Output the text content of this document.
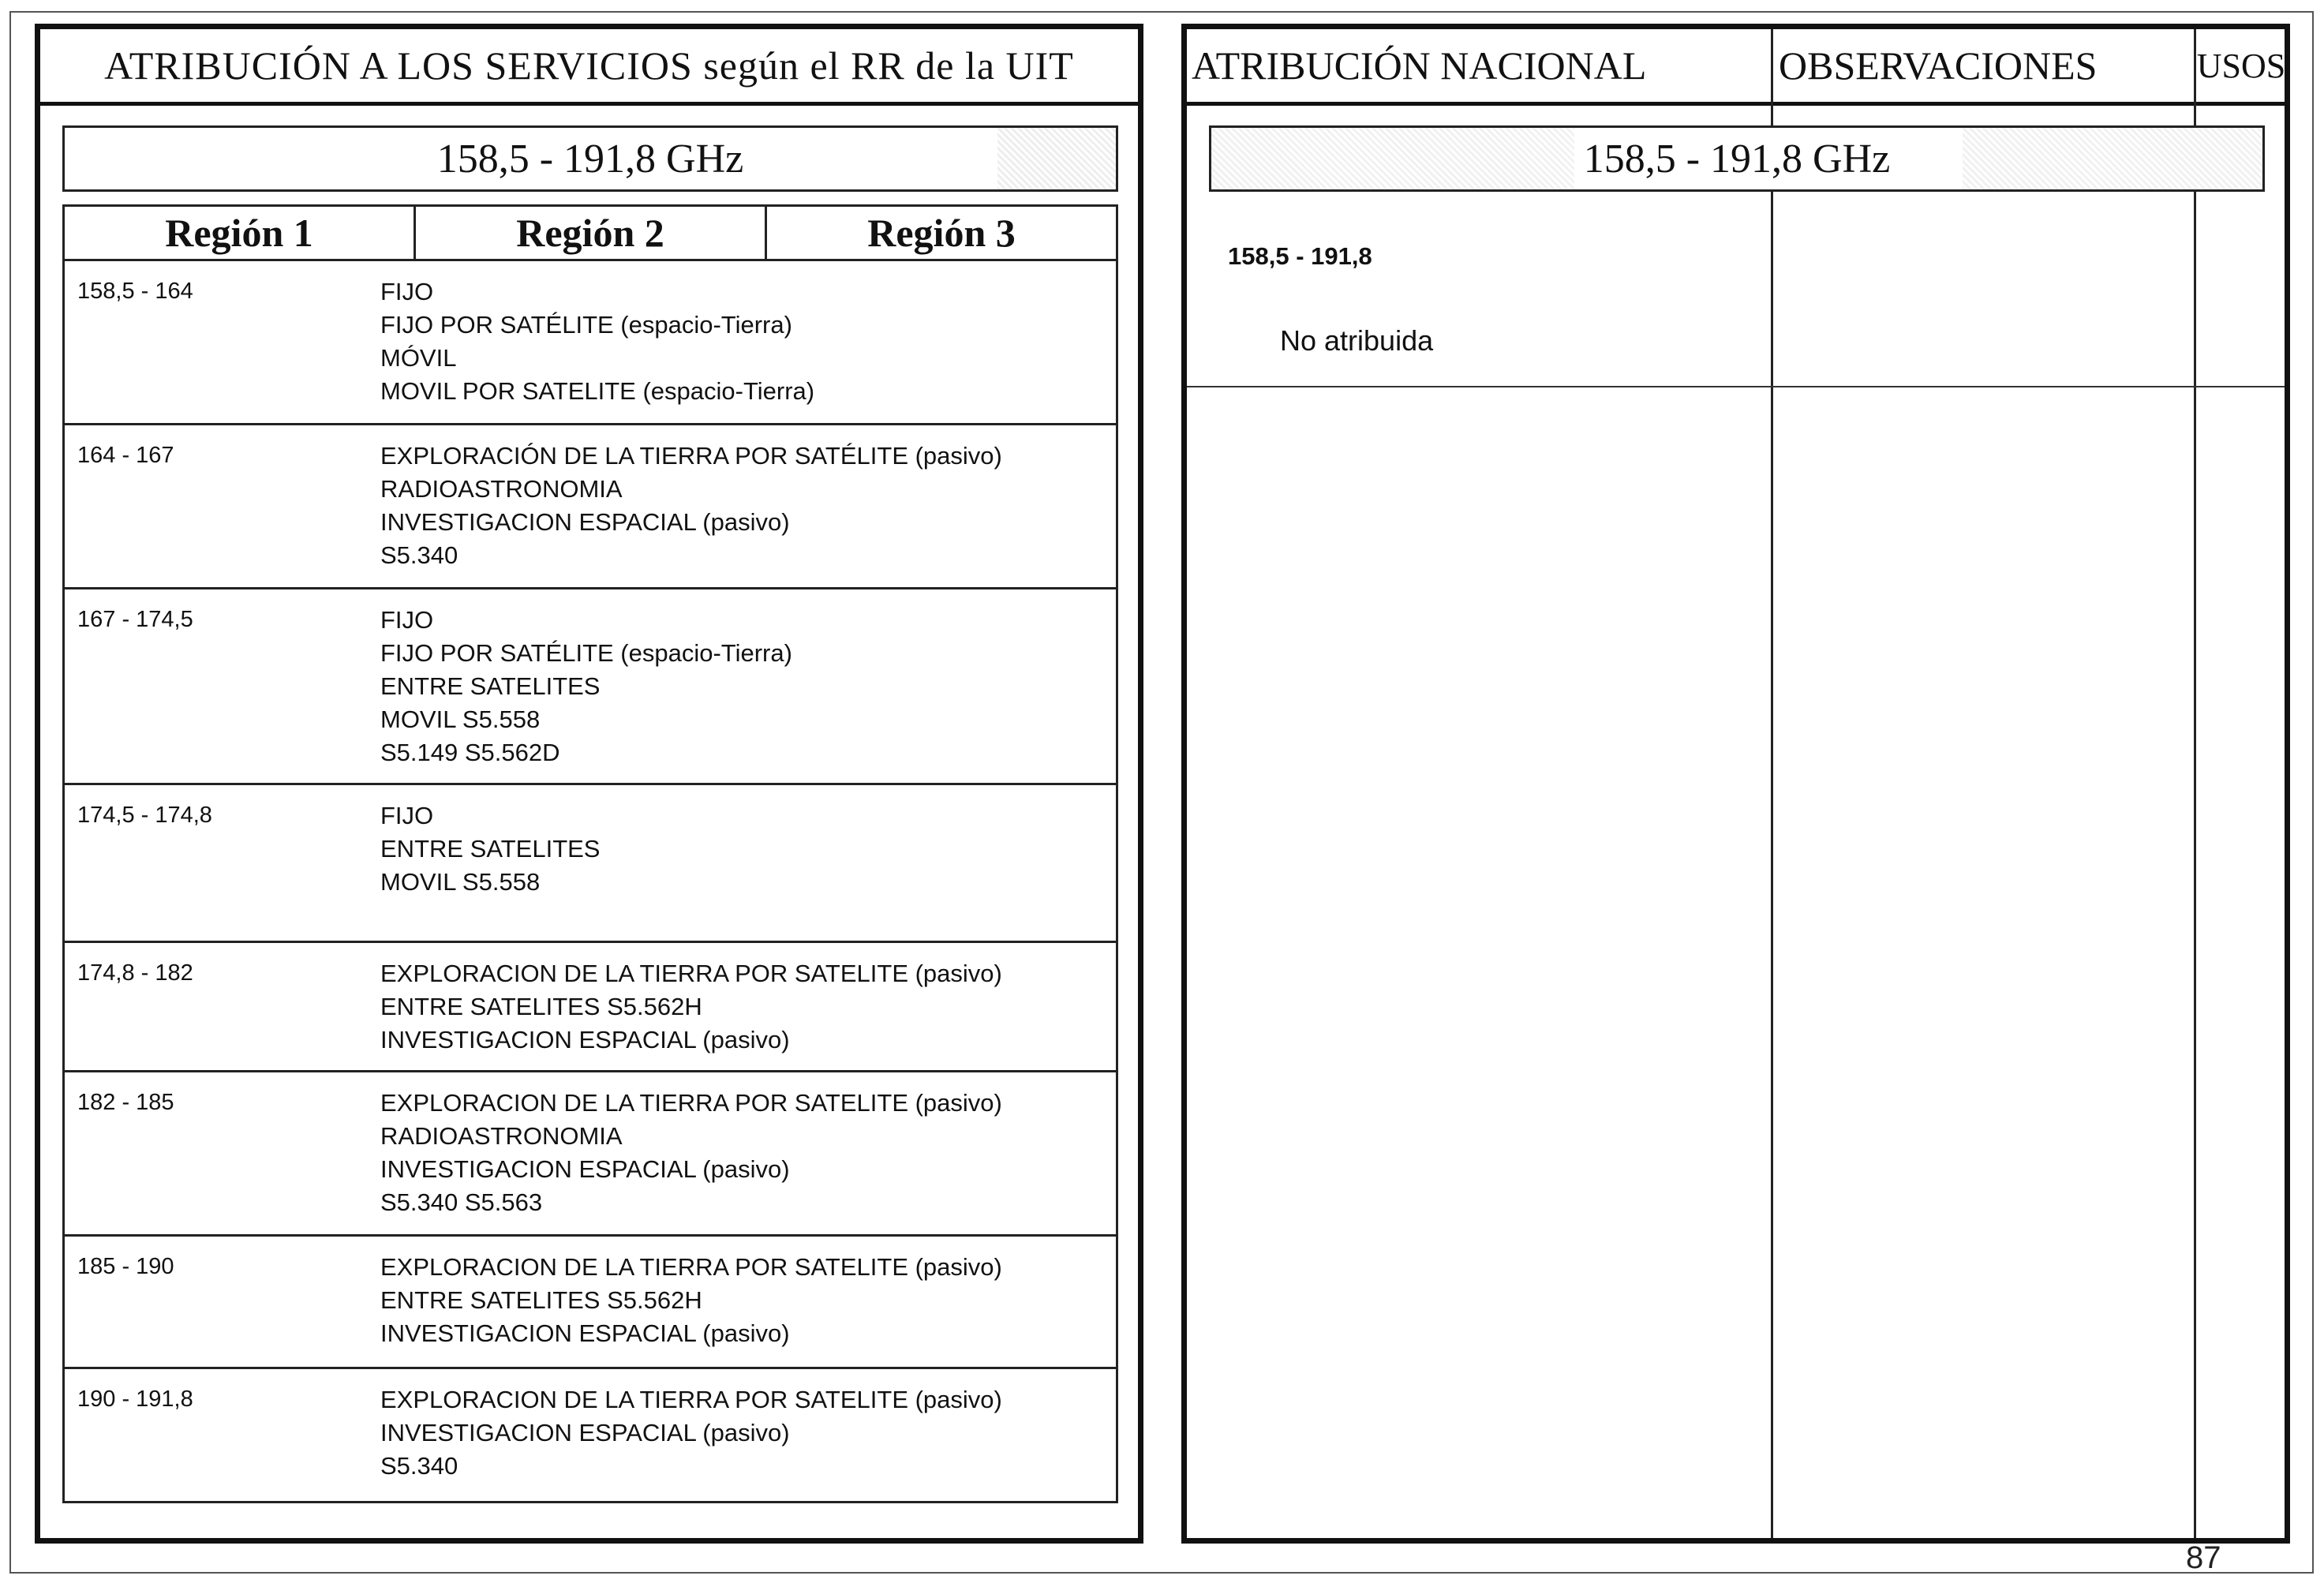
ATRIBUCIÓN A LOS SERVICIOS según el RR de la UIT
158,5 - 191,8 GHz
Región 1	Región 2	Región 3
158,5 - 164	FIJO
FIJO POR SATÉLITE (espacio-Tierra)
MÓVIL
MOVIL POR SATELITE (espacio-Tierra)
164 - 167	EXPLORACIÓN DE LA TIERRA POR SATÉLITE (pasivo)
RADIOASTRONOMIA
INVESTIGACION ESPACIAL (pasivo)
S5.340
167 - 174,5	FIJO
FIJO POR SATÉLITE (espacio-Tierra)
ENTRE SATELITES
MOVIL S5.558
S5.149 S5.562D
174,5 - 174,8	FIJO
ENTRE SATELITES
MOVIL S5.558
174,8 - 182	EXPLORACION DE LA TIERRA POR SATELITE (pasivo)
ENTRE SATELITES S5.562H
INVESTIGACION ESPACIAL (pasivo)
182 - 185	EXPLORACION DE LA TIERRA POR SATELITE (pasivo)
RADIOASTRONOMIA
INVESTIGACION ESPACIAL (pasivo)
S5.340 S5.563
185 - 190	EXPLORACION DE LA TIERRA POR SATELITE (pasivo)
ENTRE SATELITES S5.562H
INVESTIGACION ESPACIAL (pasivo)
190 - 191,8	EXPLORACION DE LA TIERRA POR SATELITE (pasivo)
INVESTIGACION ESPACIAL (pasivo)
S5.340
ATRIBUCIÓN NACIONAL	OBSERVACIONES	USOS
158,5 - 191,8 GHz
158,5 - 191,8
No atribuida
87
